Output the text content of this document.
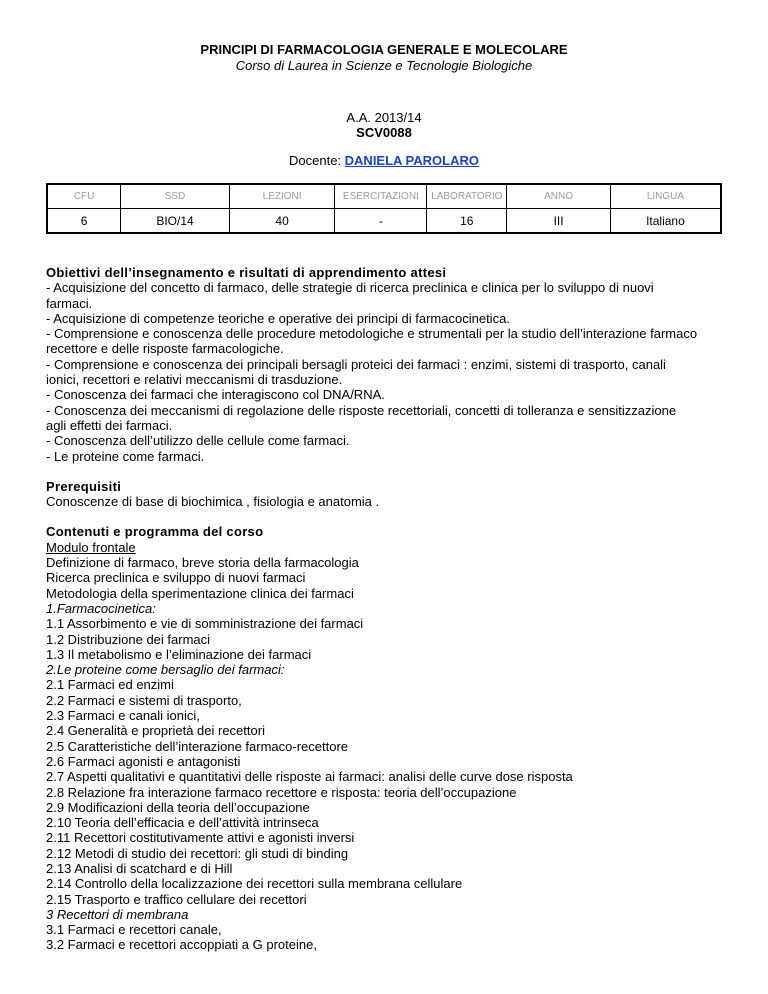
PRINCIPI DI FARMACOLOGIA GENERALE E MOLECOLARE
Corso di Laurea in Scienze e Tecnologie Biologiche
A.A. 2013/14
SCV0088
Docente: DANIELA PAROLARO
CFU	SSD	LEZIONI	ESERCITAZIONI	LABORATORIO	ANNO	LINGUA
6	BIO/14	40	-	16	III	Italiano

Obiettivi dell’insegnamento e risultati di apprendimento attesi

- Acquisizione del concetto di farmaco, delle strategie di ricerca preclinica e clinica per lo sviluppo di nuovi

farmaci.

- Acquisizione di competenze teoriche e operative dei principi di farmacocinetica.

- Comprensione e conoscenza delle procedure metodologiche e strumentali per la studio dell’interazione farmaco

recettore e delle risposte farmacologiche.

- Comprensione e conoscenza dei principali bersagli proteici dei farmaci : enzimi, sistemi di trasporto, canali

ionici, recettori e relativi meccanismi di trasduzione.

- Conoscenza dei farmaci che interagiscono col DNA/RNA.

- Conoscenza dei meccanismi di regolazione delle risposte recettoriali, concetti di tolleranza e sensitizzazione

agli effetti dei farmaci.

- Conoscenza dell’utilizzo delle cellule come farmaci.

- Le proteine come farmaci.

Prerequisiti

Conoscenze di base di biochimica , fisiologia e anatomia .

Contenuti e programma del corso

Modulo frontale

Definizione di farmaco, breve storia della farmacologia

Ricerca preclinica e sviluppo di nuovi farmaci

Metodologia della sperimentazione clinica dei farmaci

1.Farmacocinetica:

1.1 Assorbimento e vie di somministrazione dei farmaci

1.2 Distribuzione dei farmaci

1.3 Il metabolismo e l’eliminazione dei farmaci

2.Le proteine come bersaglio dei farmaci:

2.1 Farmaci ed enzimi

2.2 Farmaci e sistemi di trasporto,

2.3 Farmaci e canali ionici,

2.4 Generalità e proprietà dei recettori

2.5 Caratteristiche dell’interazione farmaco-recettore

2.6 Farmaci agonisti e antagonisti

2.7 Aspetti qualitativi e quantitativi delle risposte ai farmaci: analisi delle curve dose risposta

2.8 Relazione fra interazione farmaco recettore e risposta: teoria dell’occupazione

2.9 Modificazioni della teoria dell’occupazione

2.10 Teoria dell’efficacia e dell’attività intrinseca

2.11 Recettori costitutivamente attivi e agonisti inversi

2.12 Metodi di studio dei recettori: gli studi di binding

2.13 Analisi di scatchard e di Hill

2.14 Controllo della localizzazione dei recettori sulla membrana cellulare

2.15 Trasporto e traffico cellulare dei recettori

3 Recettori di membrana

3.1 Farmaci e recettori canale,

3.2 Farmaci e recettori accoppiati a G proteine,
